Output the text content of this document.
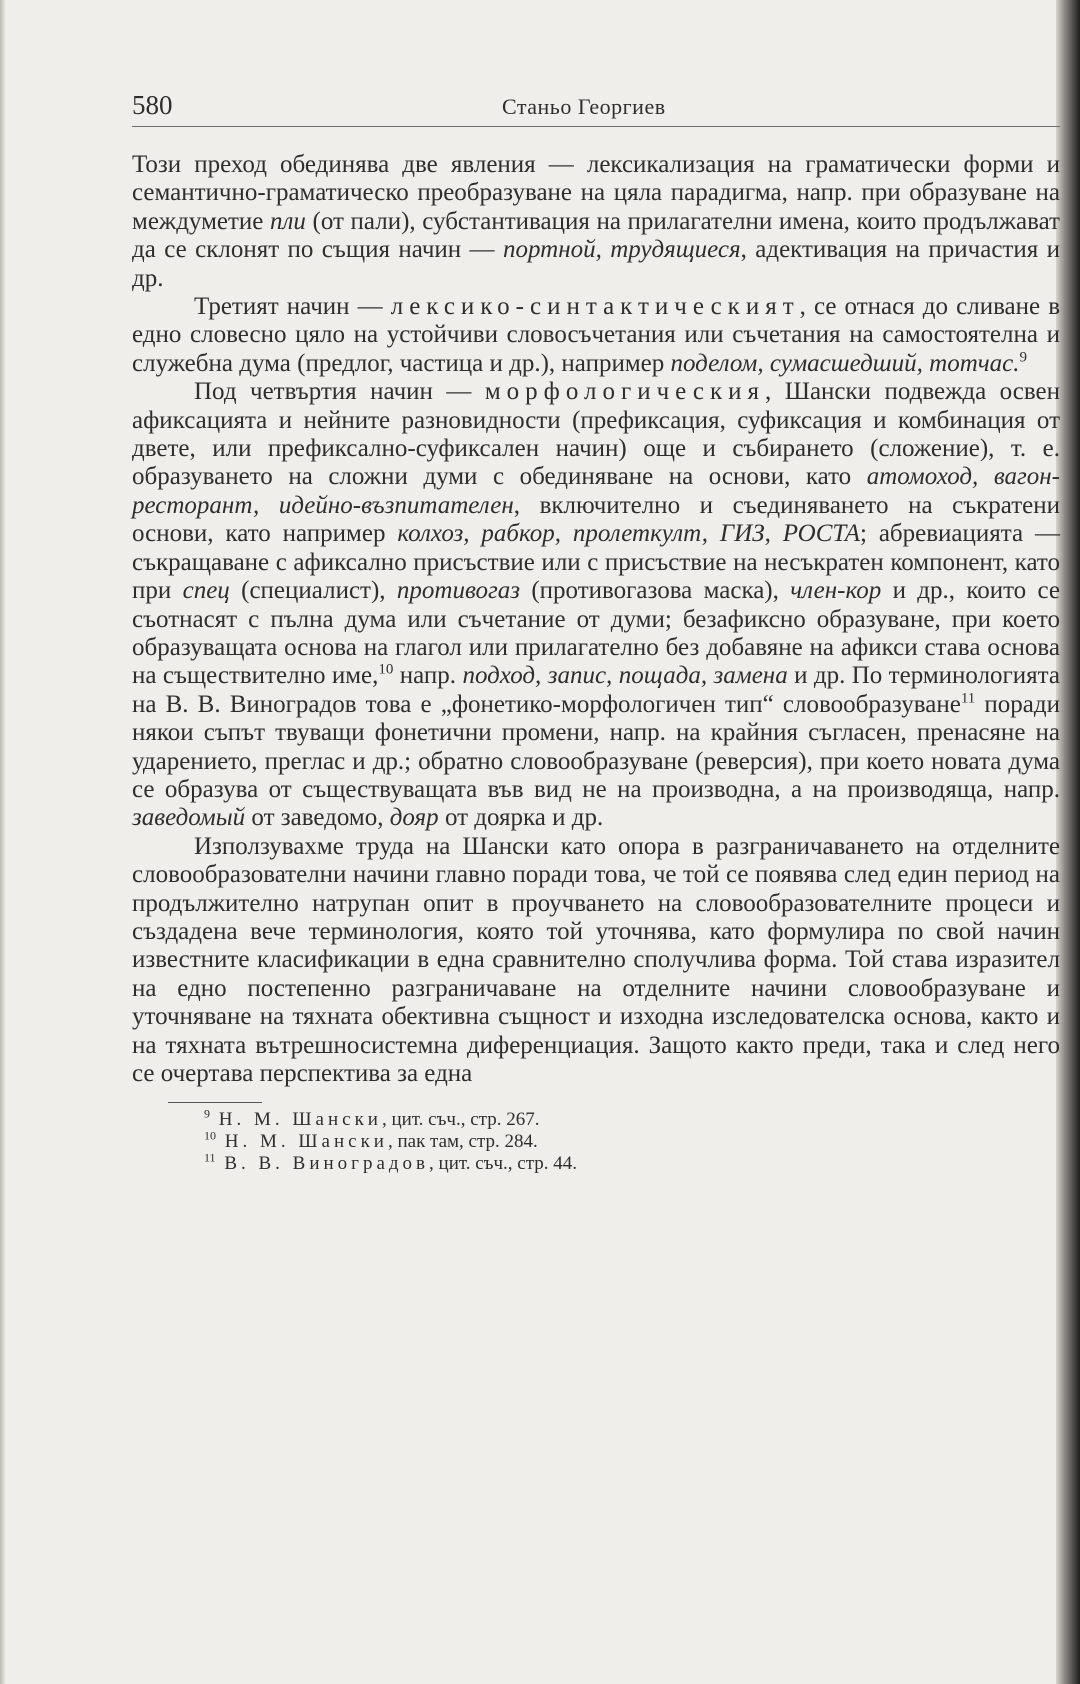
580	Станьо Георгиев

Този преход обединява две явления — лексикализация на граматически форми и семантично-граматическо преобразуване на цяла парадигма, напр. при образуване на междуметие пли (от пали), субстантивация на прилагателни имена, които продължават да се склонят по същия начин — портной, трудящиеся, адективация на причастия и др.

Третият начин — лексико-синтактическият, се отнася до сливане в едно словесно цяло на устойчиви словосъчетания или съчетания на самостоятелна и служебна дума (предлог, частица и др.), например поделом, сумасшедший, тотчас.$^9$

Под четвъртия начин — морфологическия, Шански подвежда освен афиксацията и нейните разновидности (префиксация, суфиксация и комбинация от двете, или префиксално-суфиксален начин) още и събирането (сложение), т. е. образуването на сложни думи с обединяване на основи, като атомоход, вагон-ресторант, идейно-възпитателен, включително и съединяването на съкратени основи, като например колхоз, рабкор, пролеткулт, ГИЗ, РОСТА; абревиацията — съкращаване с афиксално присъствие или с присъствие на несъкратен компонент, като при спец (специалист), противогаз (противогазова маска), член-кор и др., които се съотнасят с пълна дума или съчетание от думи; безафиксно образуване, при което образуващата основа на глагол или прилагателно без добавяне на афикси става основа на съществително име,$^{10}$ напр. подход, запис, пощада, замена и др. По терминологията на В. В. Виноградов това е „фонетико-морфологичен тип“ словообразуване$^{11}$ поради някои съпът твуващи фонетични промени, напр. на крайния съгласен, пренасяне на ударението, преглас и др.; обратно словообразуване (реверсия), при което новата дума се образува от съществуващата във вид не на производна, а на производяща, напр. заведомый от заведомо, дояр от доярка и др.

Използувахме труда на Шански като опора в разграничаването на отделните словообразователни начини главно поради това, че той се появява след един период на продължително натрупан опит в проучването на словообразователните процеси и създадена вече терминология, която той уточнява, като формулира по свой начин известните класификации в една сравнително сполучлива форма. Той става изразител на едно постепенно разграничаване на отделните начини словообразуване и уточняване на тяхната обективна същност и изходна изследователска основа, както и на тяхната вътрешносистемна диференциация. Защото както преди, така и след него се очертава перспектива за една

$^9$ Н. М. Шански, цит. съч., стр. 267.
$^{10}$ Н. М. Шански, пак там, стр. 284.
$^{11}$ В. В. Виноградов, цит. съч., стр. 44.
